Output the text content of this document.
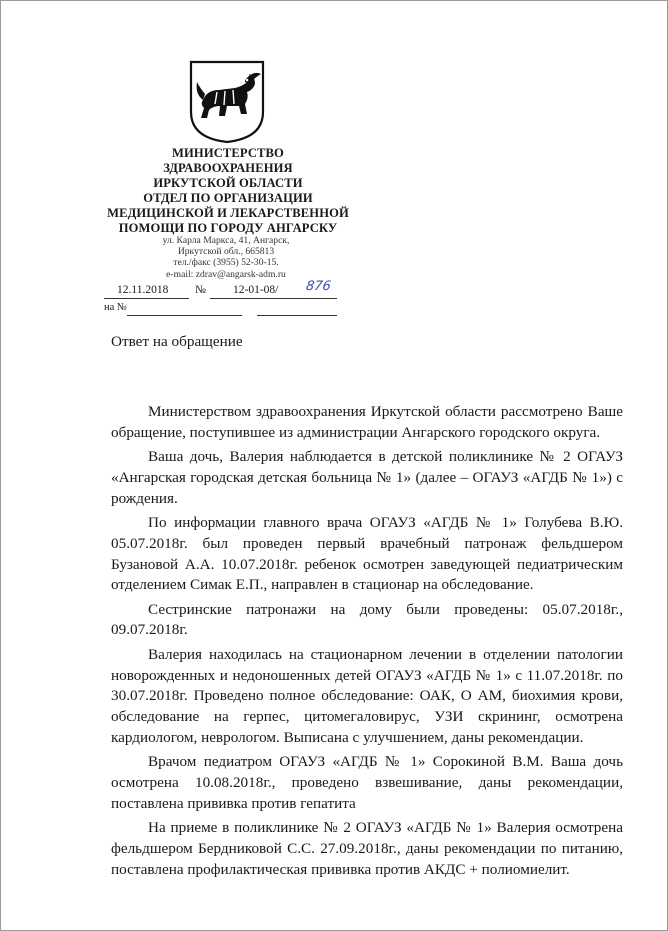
МИНИСТЕРСТВО
ЗДРАВООХРАНЕНИЯ
ИРКУТСКОЙ ОБЛАСТИ
ОТДЕЛ ПО ОРГАНИЗАЦИИ
МЕДИЦИНСКОЙ И ЛЕКАРСТВЕННОЙ
ПОМОЩИ ПО ГОРОДУ АНГАРСКУ
ул. Карла Маркса, 41, Ангарск,
Иркутской обл., 665813
тел./факс (3955) 52-30-15.
e-mail: zdrav@angarsk-adm.ru
12.11.2018 № 12-01-08/ 876
на №
Ответ на обращение

Министерством здравоохранения Иркутской области рассмотрено Ваше обращение, поступившее из администрации Ангарского городского округа.

Ваша дочь, Валерия наблюдается в детской поликлинике № 2 ОГАУЗ «Ангарская городская детская больница № 1» (далее – ОГАУЗ «АГДБ № 1») с рождения.

По информации главного врача ОГАУЗ «АГДБ № 1» Голубева В.Ю. 05.07.2018г. был проведен первый врачебный патронаж фельдшером Бузановой А.А. 10.07.2018г. ребенок осмотрен заведующей педиатрическим отделением Симак Е.П., направлен в стационар на обследование.

Сестринские патронажи на дому были проведены: 05.07.2018г., 09.07.2018г.

Валерия находилась на стационарном лечении в отделении патологии новорожденных и недоношенных детей ОГАУЗ «АГДБ № 1» с 11.07.2018г. по 30.07.2018г. Проведено полное обследование: ОАК, О АМ, биохимия крови, обследование на герпес, цитомегаловирус, УЗИ скрининг, осмотрена кардиологом, неврологом. Выписана с улучшением, даны рекомендации.

Врачом педиатром ОГАУЗ «АГДБ № 1» Сорокиной В.М. Ваша дочь осмотрена 10.08.2018г., проведено взвешивание, даны рекомендации, поставлена прививка против гепатита

На приеме в поликлинике № 2 ОГАУЗ «АГДБ № 1» Валерия осмотрена фельдшером Бердниковой С.С. 27.09.2018г., даны рекомендации по питанию, поставлена профилактическая прививка против АКДС + полиомиелит.
